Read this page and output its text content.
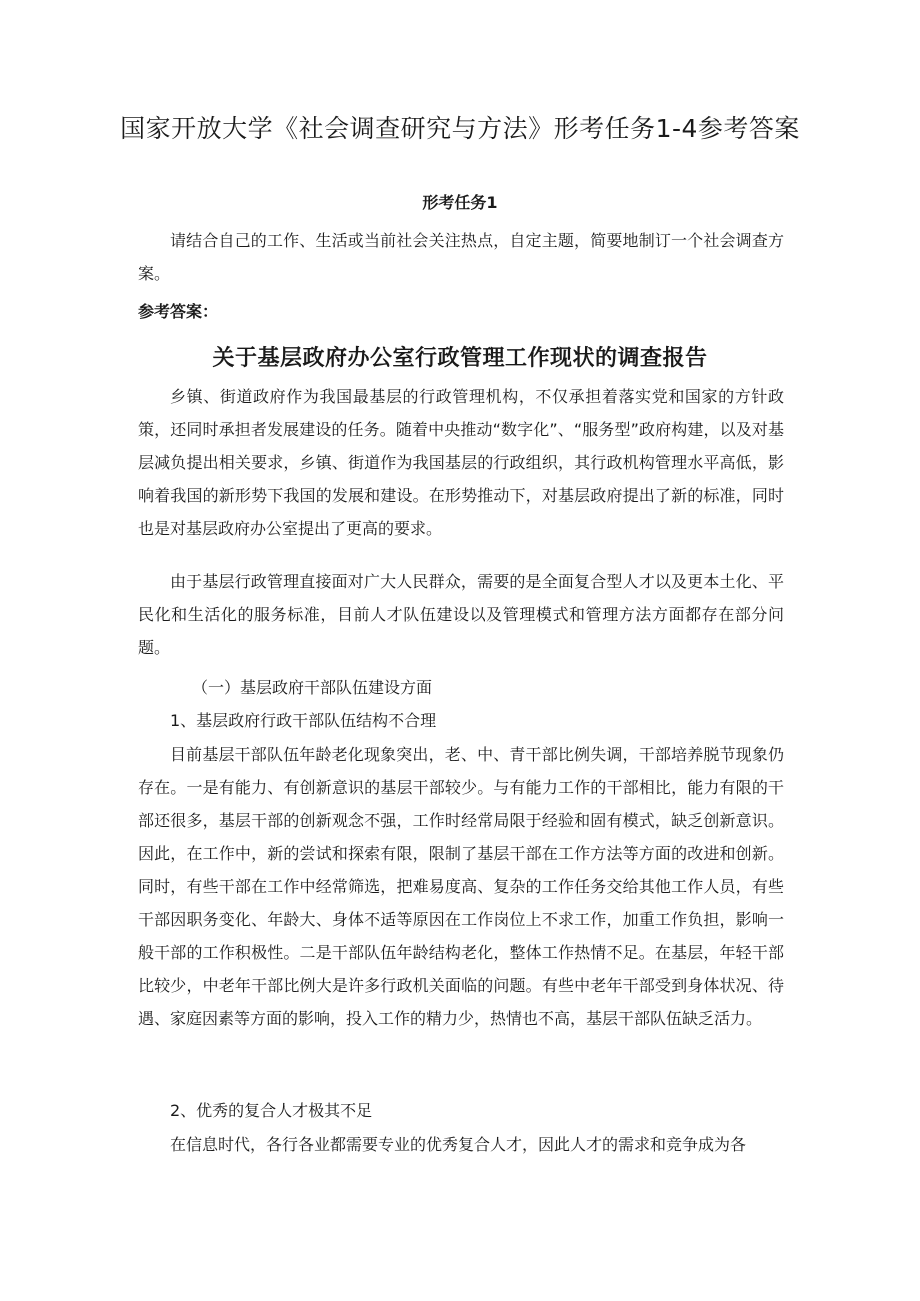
国家开放大学《社会调查研究与方法》形考任务1-4参考答案
形考任务1

请结合自己的工作、生活或当前社会关注热点，自定主题，简要地制订一个社会调查方案。

参考答案：
关于基层政府办公室行政管理工作现状的调查报告

乡镇、街道政府作为我国最基层的行政管理机构，不仅承担着落实党和国家的方针政策，还同时承担者发展建设的任务。随着中央推动“数字化”、“服务型”政府构建，以及对基层减负提出相关要求，乡镇、街道作为我国基层的行政组织，其行政机构管理水平高低，影响着我国的新形势下我国的发展和建设。在形势推动下，对基层政府提出了新的标准，同时也是对基层政府办公室提出了更高的要求。

由于基层行政管理直接面对广大人民群众，需要的是全面复合型人才以及更本土化、平民化和生活化的服务标准，目前人才队伍建设以及管理模式和管理方法方面都存在部分问题。

（一）基层政府干部队伍建设方面
1、基层政府行政干部队伍结构不合理

目前基层干部队伍年龄老化现象突出，老、中、青干部比例失调，干部培养脱节现象仍存在。一是有能力、有创新意识的基层干部较少。与有能力工作的干部相比，能力有限的干部还很多，基层干部的创新观念不强，工作时经常局限于经验和固有模式，缺乏创新意识。因此，在工作中，新的尝试和探索有限，限制了基层干部在工作方法等方面的改进和创新。同时，有些干部在工作中经常筛选，把难易度高、复杂的工作任务交给其他工作人员，有些干部因职务变化、年龄大、身体不适等原因在工作岗位上不求工作，加重工作负担，影响一般干部的工作积极性。二是干部队伍年龄结构老化，整体工作热情不足。在基层，年轻干部比较少，中老年干部比例大是许多行政机关面临的问题。有些中老年干部受到身体状况、待遇、家庭因素等方面的影响，投入工作的精力少，热情也不高，基层干部队伍缺乏活力。

2、优秀的复合人才极其不足

在信息时代，各行各业都需要专业的优秀复合人才，因此人才的需求和竞争成为各
